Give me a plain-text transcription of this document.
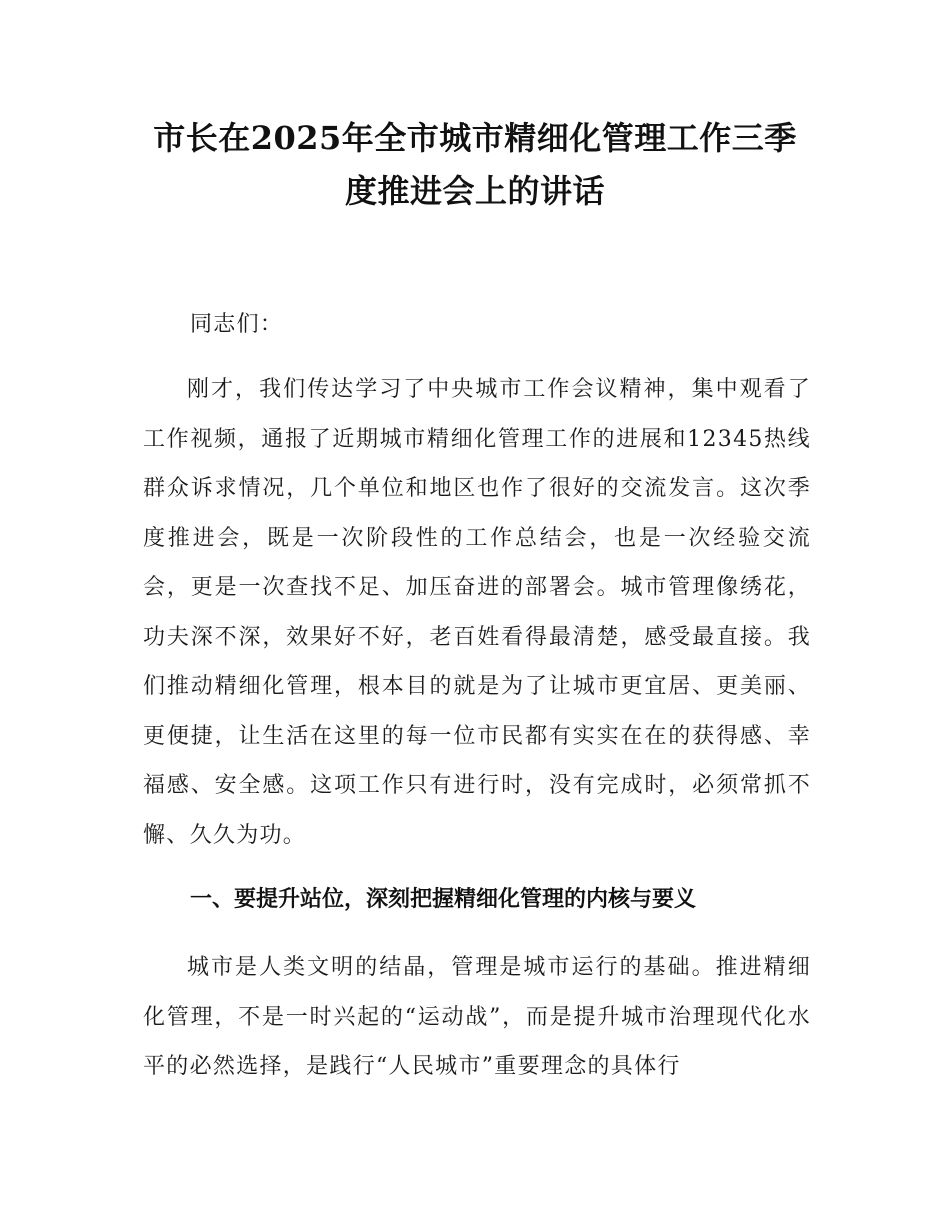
市长在2025年全市城市精细化管理工作三季
度推进会上的讲话

同志们：

刚才，我们传达学习了中央城市工作会议精神，集中观看了工作视频，通报了近期城市精细化管理工作的进展和12345热线群众诉求情况，几个单位和地区也作了很好的交流发言。这次季度推进会，既是一次阶段性的工作总结会，也是一次经验交流会，更是一次查找不足、加压奋进的部署会。城市管理像绣花，功夫深不深，效果好不好，老百姓看得最清楚，感受最直接。我们推动精细化管理，根本目的就是为了让城市更宜居、更美丽、更便捷，让生活在这里的每一位市民都有实实在在的获得感、幸福感、安全感。这项工作只有进行时，没有完成时，必须常抓不懈、久久为功。

一、要提升站位，深刻把握精细化管理的内核与要义

城市是人类文明的结晶，管理是城市运行的基础。推进精细化管理，不是一时兴起的“运动战”，而是提升城市治理现代化水平的必然选择，是践行“人民城市”重要理念的具体行
